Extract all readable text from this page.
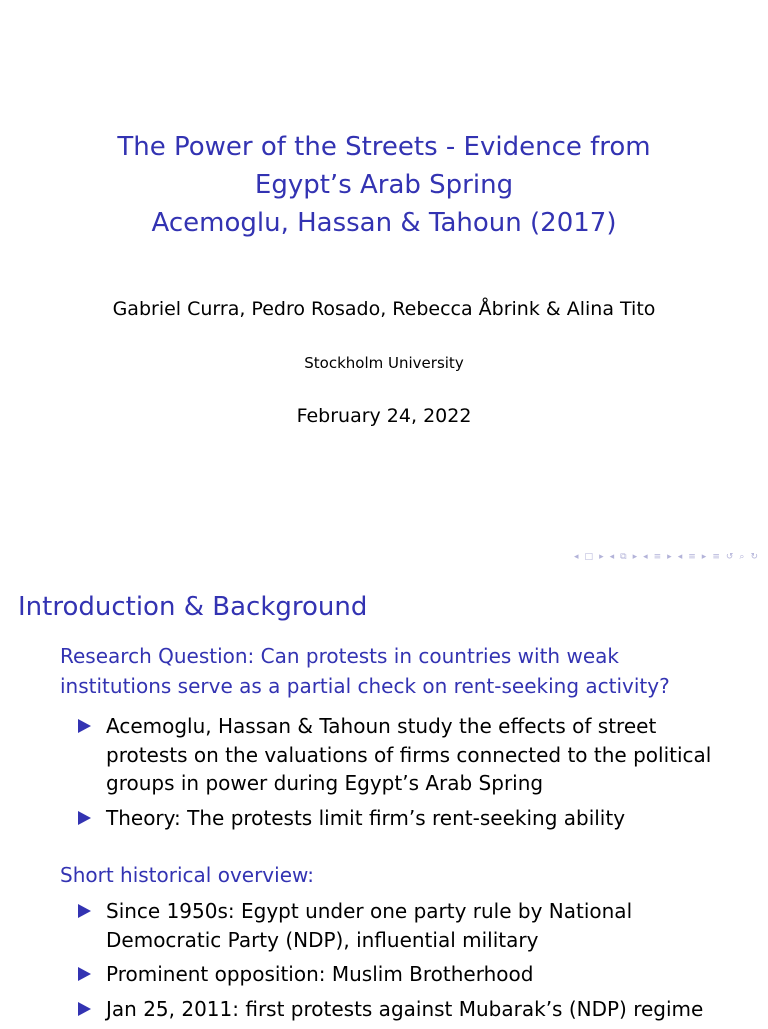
The Power of the Streets - Evidence from
Egypt’s Arab Spring
Acemoglu, Hassan & Tahoun (2017)
Gabriel Curra, Pedro Rosado, Rebecca Åbrink & Alina Tito
Stockholm University
February 24, 2022
◂ □ ▸ ◂ ⧉ ▸ ◂ ≡ ▸ ◂ ≡ ▸ ≡ ↺ ⌕ ↻
Introduction & Background
Research Question: Can protests in countries with weak
institutions serve as a partial check on rent-seeking activity?
Acemoglu, Hassan & Tahoun study the effects of street protests on the valuations of firms connected to the political groups in power during Egypt’s Arab Spring
Theory: The protests limit firm’s rent-seeking ability
Short historical overview:
Since 1950s: Egypt under one party rule by National Democratic Party (NDP), influential military
Prominent opposition: Muslim Brotherhood
Jan 25, 2011: first protests against Mubarak’s (NDP) regime
